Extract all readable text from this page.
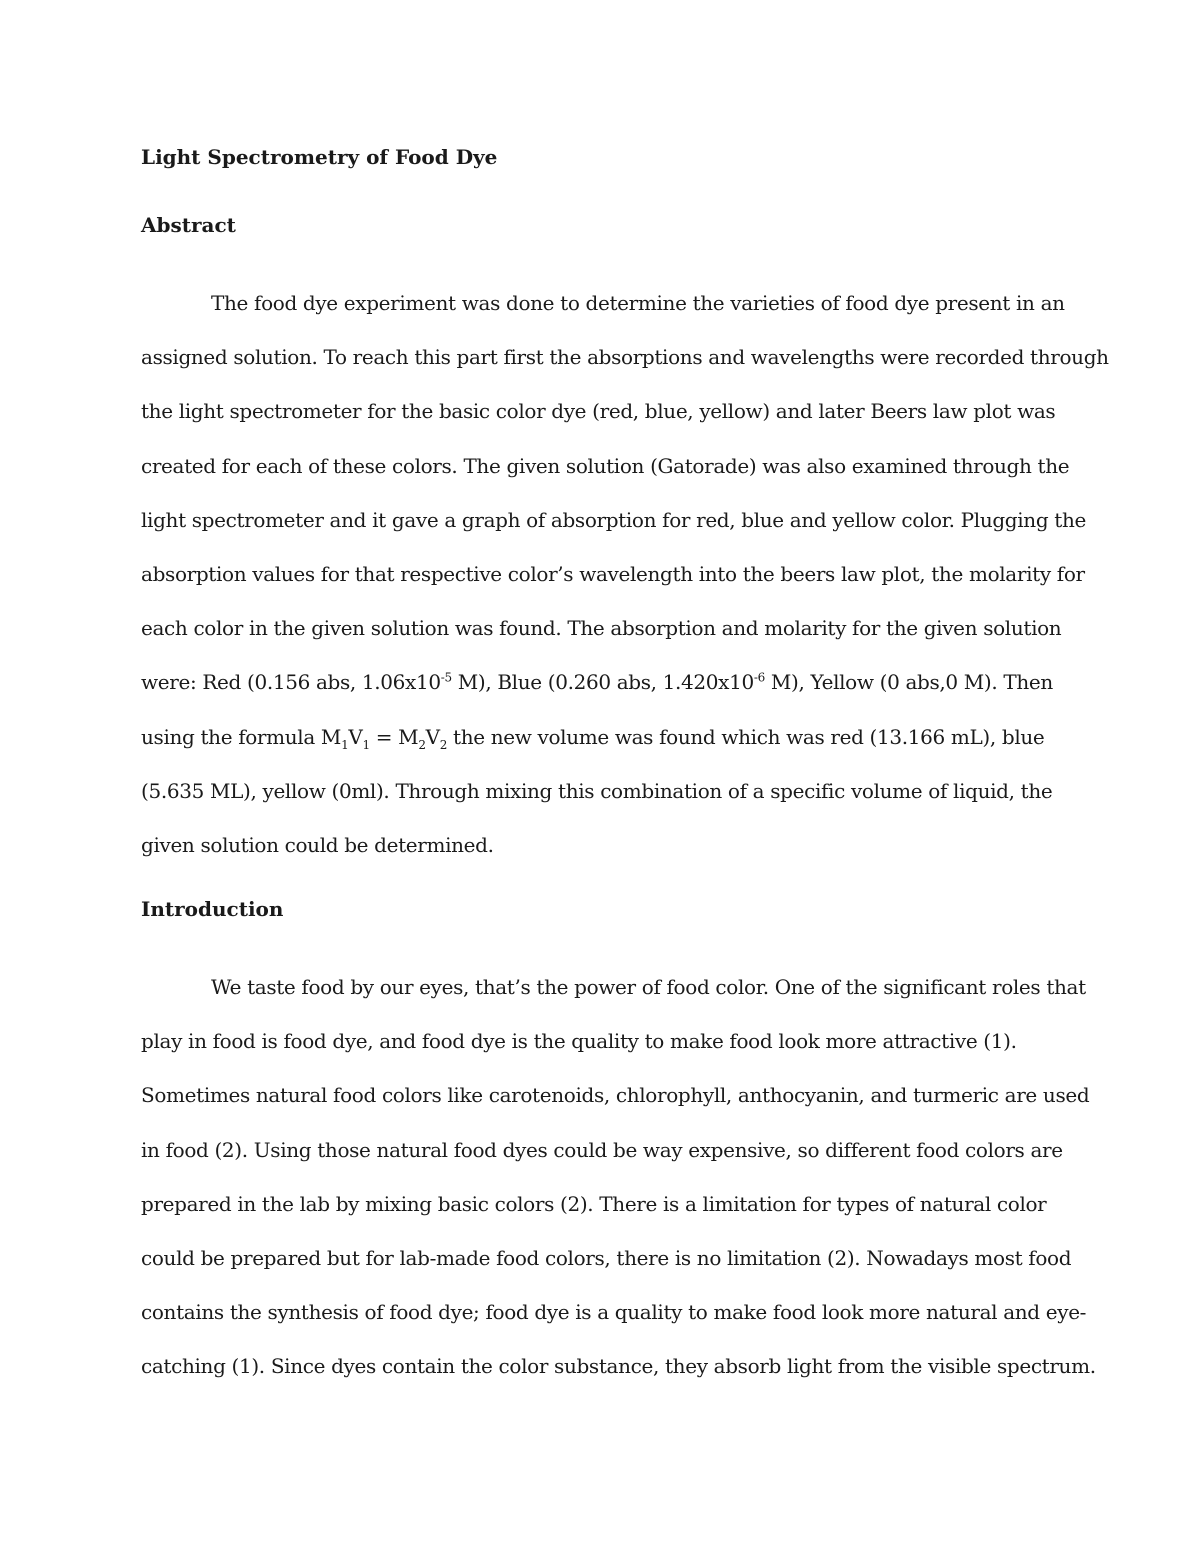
Light Spectrometry of Food Dye
Abstract
The food dye experiment was done to determine the varieties of food dye present in an
assigned solution. To reach this part first the absorptions and wavelengths were recorded through
the light spectrometer for the basic color dye (red, blue, yellow) and later Beers law plot was
created for each of these colors. The given solution (Gatorade) was also examined through the
light spectrometer and it gave a graph of absorption for red, blue and yellow color. Plugging the
absorption values for that respective color’s wavelength into the beers law plot, the molarity for
each color in the given solution was found. The absorption and molarity for the given solution
were: Red (0.156 abs, $1.06x10^{-5}$ M), Blue (0.260 abs, $1.420x10^{-6}$ M), Yellow (0 abs,0 M). Then
using the formula $M_1V_1 = M_2V_2$ the new volume was found which was red (13.166 mL), blue
(5.635 ML), yellow (0ml). Through mixing this combination of a specific volume of liquid, the
given solution could be determined.
Introduction
We taste food by our eyes, that’s the power of food color. One of the significant roles that
play in food is food dye, and food dye is the quality to make food look more attractive (1).
Sometimes natural food colors like carotenoids, chlorophyll, anthocyanin, and turmeric are used
in food (2). Using those natural food dyes could be way expensive, so different food colors are
prepared in the lab by mixing basic colors (2). There is a limitation for types of natural color
could be prepared but for lab-made food colors, there is no limitation (2). Nowadays most food
contains the synthesis of food dye; food dye is a quality to make food look more natural and eye-
catching (1). Since dyes contain the color substance, they absorb light from the visible spectrum.
